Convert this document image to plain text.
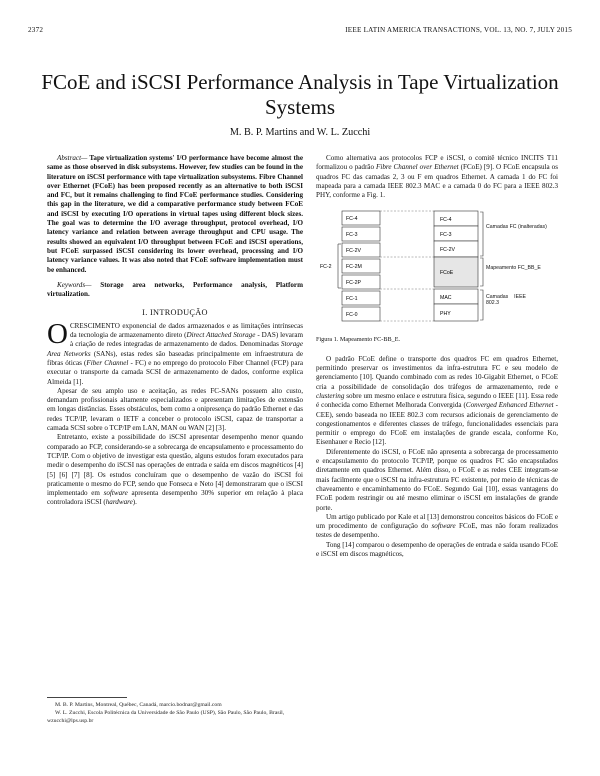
2372	IEEE LATIN AMERICA TRANSACTIONS, VOL. 13, NO. 7, JULY 2015
FCoE and iSCSI Performance Analysis in Tape Virtualization Systems
M. B. P. Martins and W. L. Zucchi
Abstract— Tape virtualization systems' I/O performance have become almost the same as those observed in disk subsystems. However, few studies can be found in the literature on iSCSI performance with tape virtualization subsystems. Fibre Channel over Ethernet (FCoE) has been proposed recently as an alternative to both iSCSI and FC, but it remains challenging to find FCoE performance studies. Considering this gap in the literature, we did a comparative performance study between FCoE and iSCSI by executing I/O operations in virtual tapes using different block sizes. The goal was to determine the I/O average throughput, protocol overhead, I/O latency variance and relation between average throughput and CPU usage. The results showed an equivalent I/O throughput between FCoE and iSCSI operations, but FCoE surpassed iSCSI considering its lower overhead, processing and I/O latency variance values. It was also noted that FCoE software implementation must be enhanced.
Keywords— Storage area networks, Performance analysis, Platform virtualization.
I. INTRODUÇÃO

OCRESCIMENTO exponencial de dados armazenados e as limitações intrínsecas da tecnologia de armazenamento direto (Direct Attached Storage - DAS) levaram à criação de redes integradas de armazenamento de dados. Denominadas Storage Area Networks (SANs), estas redes são baseadas principalmente em infraestrutura de fibras óticas (Fiber Channel - FC) e no emprego do protocolo Fiber Channel (FCP) para executar o transporte da camada SCSI de armazenamento de dados, conforme explica Almeida [1].

Apesar de seu amplo uso e aceitação, as redes FC-SANs possuem alto custo, demandam profissionais altamente especializados e apresentam limitações de extensão em longas distâncias. Esses obstáculos, bem como a onipresença do padrão Ethernet e das redes TCP/IP, levaram o IETF a conceber o protocolo iSCSI, capaz de transportar a camada SCSI sobre o TCP/IP em LAN, MAN ou WAN [2] [3].

Entretanto, existe a possibilidade do iSCSI apresentar desempenho menor quando comparado ao FCP, considerando-se a sobrecarga de encapsulamento e processamento do TCP/IP. Com o objetivo de investigar esta questão, alguns estudos foram executados para medir o desempenho do iSCSI nas operações de entrada e saída em discos magnéticos [4] [5] [6] [7] [8]. Os estudos concluíram que o desempenho de vazão do iSCSI foi praticamente o mesmo do FCP, sendo que Fonseca e Neto [4] demonstraram que o iSCSI implementado em software apresenta desempenho 30% superior em relação à placa controladora iSCSI (hardware).

M. B. P. Martins, Montreal, Québec, Canadá, marcio.bodnar@gmail.com
W. L. Zucchi, Escola Politécnica da Universidade de São Paulo (USP), São Paulo, São Paulo, Brasil, wzucchi@lps.usp.br

Como alternativa aos protocolos FCP e iSCSI, o comitê técnico INCITS T11 formalizou o padrão Fibre Channel over Ethernet (FCoE) [9]. O FCoE encapsula os quadros FC das camadas 2, 3 ou F em quadros Ethernet. A camada 1 do FC foi mapeada para a camada IEEE 802.3 MAC e a camada 0 do FC para a IEEE 802.3 PHY, conforme a Fig. 1.

FC-4
FC-3
FC-2V
FC-2M
FC-2P
FC-1
FC-0
FC-2
FC-4
FC-3
FC-2V
FCoE
MAC
PHY
Camadas FC (inalteradas)
Mapeamento FC_BB_E
Camadas IEEE 802.3
Figura 1. Mapeamento FC-BB_E.

O padrão FCoE define o transporte dos quadros FC em quadros Ethernet, permitindo preservar os investimentos da infra-estrutura FC e seu modelo de gerenciamento [10]. Quando combinado com as redes 10-Gigabit Ethernet, o FCoE cria a possibilidade de consolidação dos tráfegos de armazenamento, rede e clustering sobre um mesmo enlace e estrutura física, segundo o IEEE [11]. Essa rede é conhecida como Ethernet Melhorada Convergida (Converged Enhanced Ethernet - CEE), sendo baseada no IEEE 802.3 com recursos adicionais de gerenciamento de congestionamentos e diferentes classes de tráfego, funcionalidades essenciais para permitir o emprego do FCoE em instalações de grande escala, conforme Ko, Eisenhauer e Recio [12].

Diferentemente do iSCSI, o FCoE não apresenta a sobrecarga de processamento e encapsulamento do protocolo TCP/IP, porque os quadros FC são encapsulados diretamente em quadros Ethernet. Além disso, o FCoE e as redes CEE integram-se mais facilmente que o iSCSI na infra-estrutura FC existente, por meio de técnicas de chaveamento e encaminhamento do FCoE. Segundo Gai [10], essas vantagens do FCoE podem restringir ou até mesmo eliminar o iSCSI em instalações de grande porte.

Um artigo publicado por Kale et al [13] demonstrou conceitos básicos do FCoE e um procedimento de configuração do software FCoE, mas não foram realizados testes de desempenho.

Tong [14] comparou o desempenho de operações de entrada e saída usando FCoE e iSCSI em discos magnéticos,
